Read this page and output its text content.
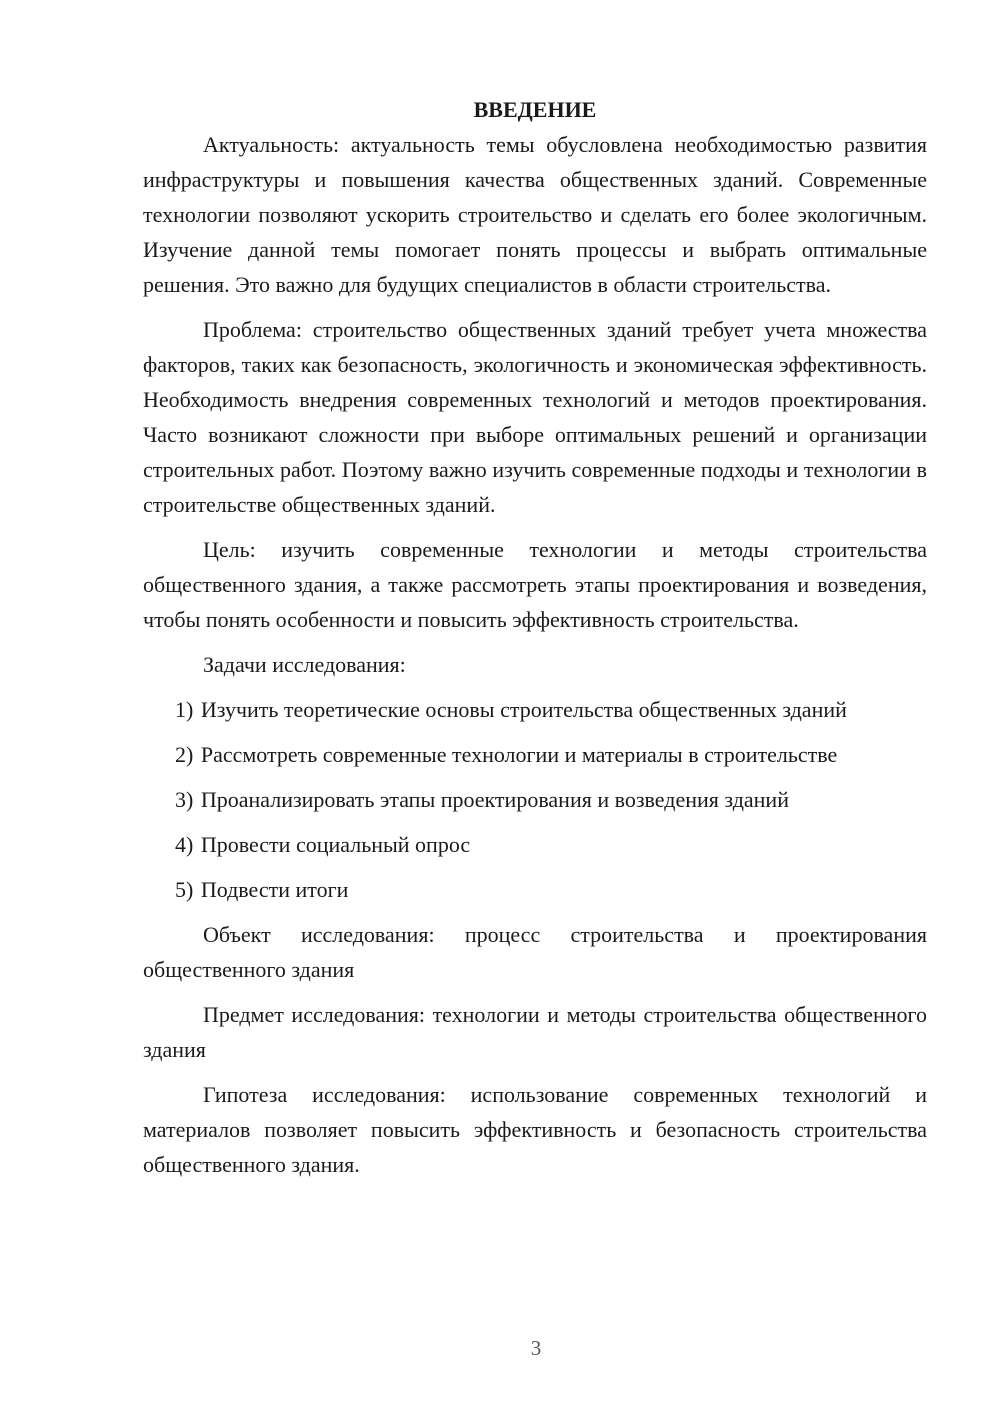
ВВЕДЕНИЕ

Актуальность: актуальность темы обусловлена необходимостью развития инфраструктуры и повышения качества общественных зданий. Современные технологии позволяют ускорить строительство и сделать его более экологичным. Изучение данной темы помогает понять процессы и выбрать оптимальные решения. Это важно для будущих специалистов в области строительства.

Проблема: строительство общественных зданий требует учета множества факторов, таких как безопасность, экологичность и экономическая эффективность. Необходимость внедрения современных технологий и методов проектирования. Часто возникают сложности при выборе оптимальных решений и организации строительных работ. Поэтому важно изучить современные подходы и технологии в строительстве общественных зданий.

Цель: изучить современные технологии и методы строительства общественного здания, а также рассмотреть этапы проектирования и возведения, чтобы понять особенности и повысить эффективность строительства.

Задачи исследования:

1) Изучить теоретические основы строительства общественных зданий
2) Рассмотреть современные технологии и материалы в строительстве
3) Проанализировать этапы проектирования и возведения зданий
4) Провести социальный опрос
5) Подвести итоги

Объект исследования: процесс строительства и проектирования общественного здания

Предмет исследования: технологии и методы строительства общественного здания

Гипотеза исследования: использование современных технологий и материалов позволяет повысить эффективность и безопасность строительства общественного здания.

3
